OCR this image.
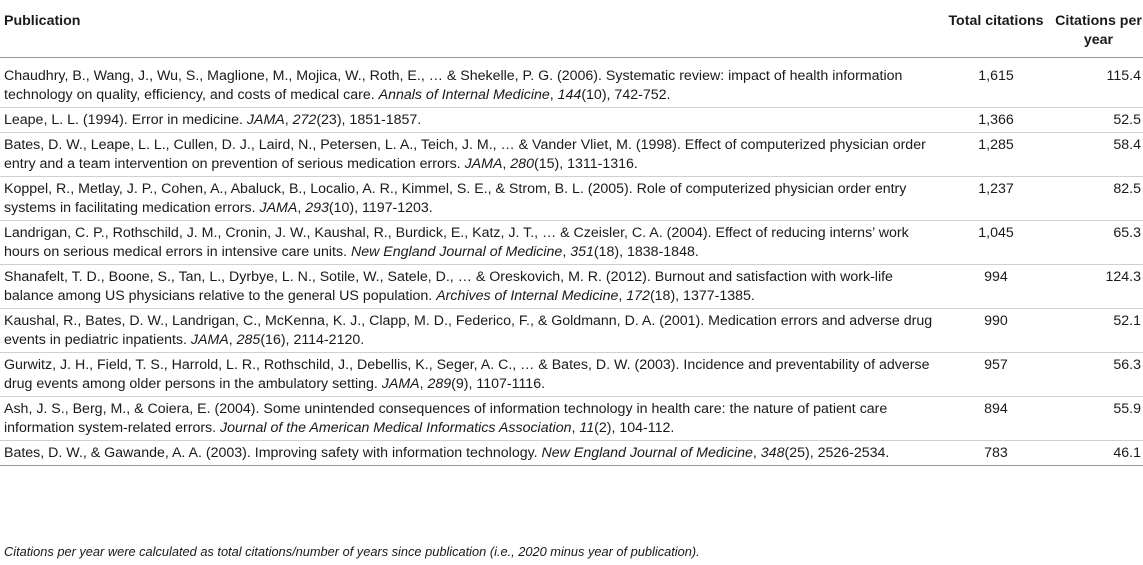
Publication	Total citations	Citations per year
Chaudhry, B., Wang, J., Wu, S., Maglione, M., Mojica, W., Roth, E., … & Shekelle, P. G. (2006). Systematic review: impact of health information technology on quality, efficiency, and costs of medical care. Annals of Internal Medicine, 144(10), 742-752.	1,615	115.4
Leape, L. L. (1994). Error in medicine. JAMA, 272(23), 1851-1857.	1,366	52.5
Bates, D. W., Leape, L. L., Cullen, D. J., Laird, N., Petersen, L. A., Teich, J. M., … & Vander Vliet, M. (1998). Effect of computerized physician order entry and a team intervention on prevention of serious medication errors. JAMA, 280(15), 1311-1316.	1,285	58.4
Koppel, R., Metlay, J. P., Cohen, A., Abaluck, B., Localio, A. R., Kimmel, S. E., & Strom, B. L. (2005). Role of computerized physician order entry systems in facilitating medication errors. JAMA, 293(10), 1197-1203.	1,237	82.5
Landrigan, C. P., Rothschild, J. M., Cronin, J. W., Kaushal, R., Burdick, E., Katz, J. T., … & Czeisler, C. A. (2004). Effect of reducing interns’ work hours on serious medical errors in intensive care units. New England Journal of Medicine, 351(18), 1838-1848.	1,045	65.3
Shanafelt, T. D., Boone, S., Tan, L., Dyrbye, L. N., Sotile, W., Satele, D., … & Oreskovich, M. R. (2012). Burnout and satisfaction with work-life balance among US physicians relative to the general US population. Archives of Internal Medicine, 172(18), 1377-1385.	994	124.3
Kaushal, R., Bates, D. W., Landrigan, C., McKenna, K. J., Clapp, M. D., Federico, F., & Goldmann, D. A. (2001). Medication errors and adverse drug events in pediatric inpatients. JAMA, 285(16), 2114-2120.	990	52.1
Gurwitz, J. H., Field, T. S., Harrold, L. R., Rothschild, J., Debellis, K., Seger, A. C., … & Bates, D. W. (2003). Incidence and preventability of adverse drug events among older persons in the ambulatory setting. JAMA, 289(9), 1107-1116.	957	56.3
Ash, J. S., Berg, M., & Coiera, E. (2004). Some unintended consequences of information technology in health care: the nature of patient care information system-related errors. Journal of the American Medical Informatics Association, 11(2), 104-112.	894	55.9
Bates, D. W., & Gawande, A. A. (2003). Improving safety with information technology. New England Journal of Medicine, 348(25), 2526-2534.	783	46.1
Citations per year were calculated as total citations/number of years since publication (i.e., 2020 minus year of publication).
